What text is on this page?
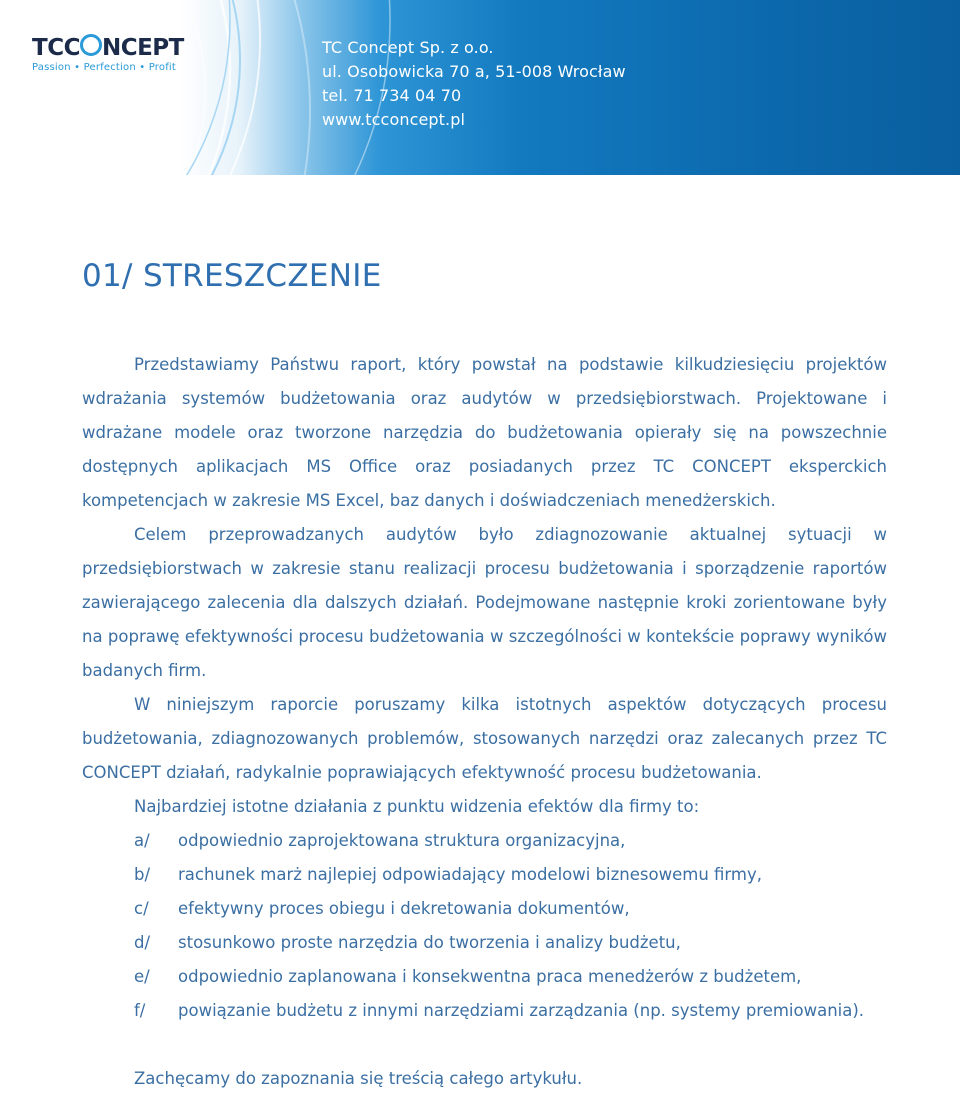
TCC NCEPT
Passion • Perfection • Profit
TC Concept Sp. z o.o.
ul. Osobowicka 70 a, 51-008 Wrocław
tel. 71 734 04 70
www.tcconcept.pl
01/ STRESZCZENIE

Przedstawiamy Państwu raport, który powstał na podstawie kilkudziesięciu projektów wdrażania systemów budżetowania oraz audytów w przedsiębiorstwach. Projektowane i wdrażane modele oraz tworzone narzędzia do budżetowania opierały się na powszechnie dostępnych aplikacjach MS Office oraz posiadanych przez TC CONCEPT eksperckich kompetencjach w zakresie MS Excel, baz danych i doświadczeniach menedżerskich.

Celem przeprowadzanych audytów było zdiagnozowanie aktualnej sytuacji w przedsiębiorstwach w zakresie stanu realizacji procesu budżetowania i sporządzenie raportów zawierającego zalecenia dla dalszych działań. Podejmowane następnie kroki zorientowane były na poprawę efektywności procesu budżetowania w szczególności w kontekście poprawy wyników badanych firm.

W niniejszym raporcie poruszamy kilka istotnych aspektów dotyczących procesu budżetowania, zdiagnozowanych problemów, stosowanych narzędzi oraz zalecanych przez TC CONCEPT działań, radykalnie poprawiających efektywność procesu budżetowania.

Najbardziej istotne działania z punktu widzenia efektów dla firmy to:

a/ odpowiednio zaprojektowana struktura organizacyjna,
b/ rachunek marż najlepiej odpowiadający modelowi biznesowemu firmy,
c/ efektywny proces obiegu i dekretowania dokumentów,
d/ stosunkowo proste narzędzia do tworzenia i analizy budżetu,
e/ odpowiednio zaplanowana i konsekwentna praca menedżerów z budżetem,
f/ powiązanie budżetu z innymi narzędziami zarządzania (np. systemy premiowania).

Zachęcamy do zapoznania się treścią całego artykułu.
